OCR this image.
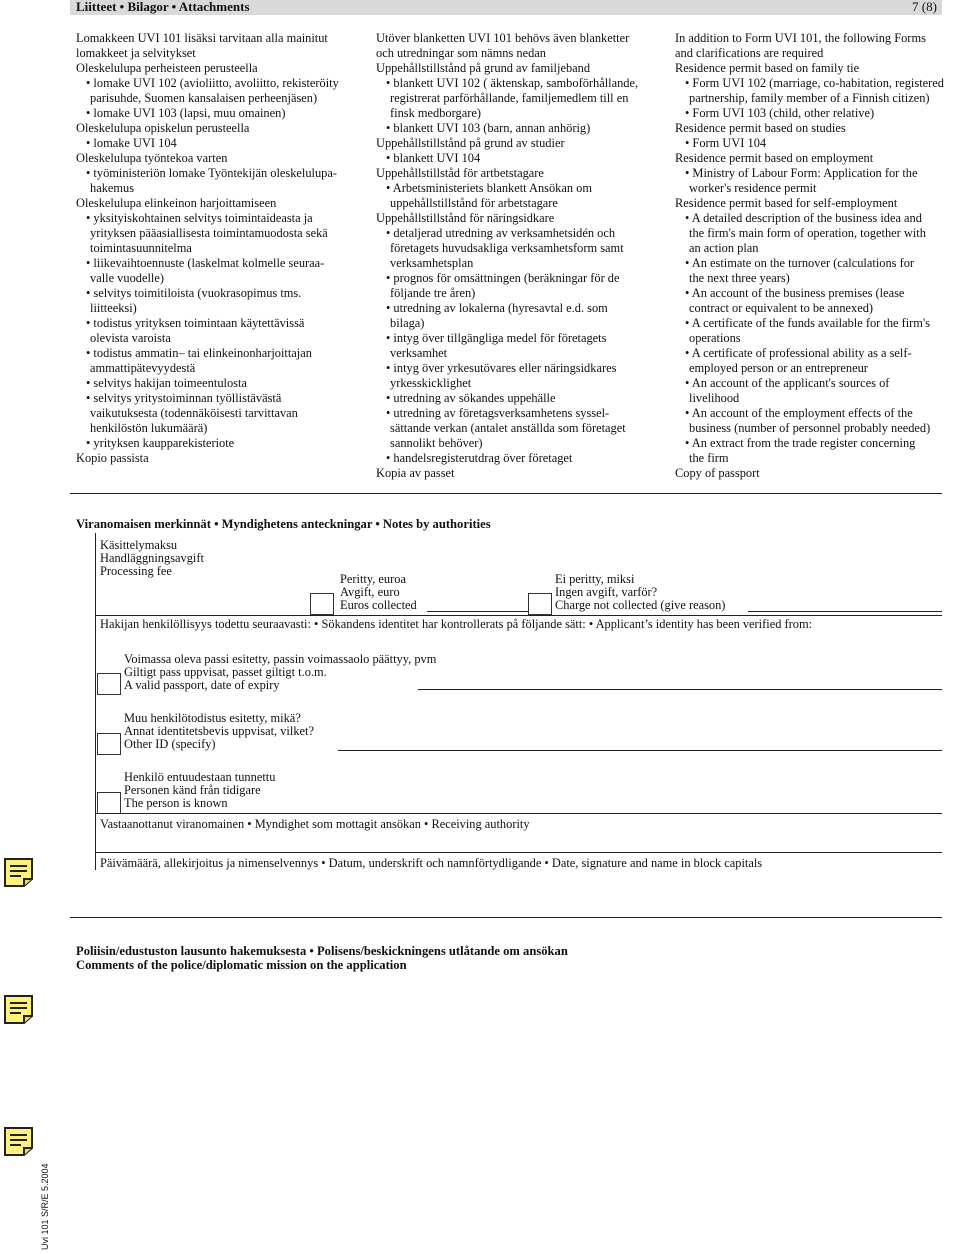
Liitteet • Bilagor • Attachments	7 (8)
Lomakkeen UVI 101 lisäksi tarvitaan alla mainitut
lomakkeet ja selvitykset
Oleskelulupa perheisteen perusteella
• lomake UVI 102 (avioliitto, avoliitto, rekisteröity
parisuhde, Suomen kansalaisen perheenjäsen)
• lomake UVI 103 (lapsi, muu omainen)
Oleskelulupa opiskelun perusteella
• lomake UVI 104
Oleskelulupa työntekoa varten
• työministeriön lomake Työntekijän oleskelulupa-
hakemus
Oleskelulupa elinkeinon harjoittamiseen
• yksityiskohtainen selvitys toimintaideasta ja
yrityksen pääasiallisesta toimintamuodosta sekä
toimintasuunnitelma
• liikevaihtoennuste (laskelmat kolmelle seuraa-
valle vuodelle)
• selvitys toimitiloista (vuokrasopimus tms.
liitteeksi)
• todistus yrityksen toimintaan käytettävissä
olevista varoista
• todistus ammatin– tai elinkeinonharjoittajan
ammattipätevyydestä
• selvitys hakijan toimeentulosta
• selvitys yritystoiminnan työllistävästä
vaikutuksesta (todennäköisesti tarvittavan
henkilöstön lukumäärä)
• yrityksen kaupparekisteriote
Kopio passista
Utöver blanketten UVI 101 behövs även blanketter
och utredningar som nämns nedan
Uppehållstillstånd på grund av familjeband
• blankett UVI 102 ( äktenskap, samboförhållande,
registrerat parförhållande, familjemedlem till en
finsk medborgare)
• blankett UVI 103 (barn, annan anhörig)
Uppehållstillstånd på grund av studier
• blankett UVI 104
Uppehållstillståd för artbetstagare
• Arbetsministeriets blankett Ansökan om
uppehållstillstånd för arbetstagare
Uppehållstillstånd för näringsidkare
• detaljerad utredning av verksamhetsidén och
företagets huvudsakliga verksamhetsform samt
verksamhetsplan
• prognos för omsättningen (beräkningar för de
följande tre åren)
• utredning av lokalerna (hyresavtal e.d. som
bilaga)
• intyg över tillgängliga medel för företagets
verksamhet
• intyg över yrkesutövares eller näringsidkares
yrkesskicklighet
• utredning av sökandes uppehälle
• utredning av företagsverksamhetens syssel-
sättande verkan (antalet anställda som företaget
sannolikt behöver)
• handelsregisterutdrag över företaget
Kopia av passet
In addition to Form UVI 101, the following Forms
and clarifications are required
Residence permit based on family tie
• Form UVI 102 (marriage, co-habitation, registered
partnership, family member of a Finnish citizen)
• Form UVI 103 (child, other relative)
Residence permit based on studies
• Form UVI 104
Residence permit based on employment
• Ministry of Labour Form: Application for the
worker's residence permit
Residence permit based for self-employment
• A detailed description of the business idea and
the firm's main form of operation, together with
an action plan
• An estimate on the turnover (calculations for
the next three years)
• An account of the business premises (lease
contract or equivalent to be annexed)
• A certificate of the funds available for the firm's
operations
• A certificate of professional ability as a self-
employed person or an entrepreneur
• An account of the applicant's sources of
livelihood
• An account of the employment effects of the
business (number of personnel probably needed)
• An extract from the trade register concerning
the firm
Copy of passport
Viranomaisen merkinnät • Myndighetens anteckningar • Notes by authorities
Käsittelymaksu
Handläggningsavgift
Processing fee
Peritty, euroa
Avgift, euro
Euros collected
Ei peritty, miksi
Ingen avgift, varför?
Charge not collected (give reason)
Hakijan henkilöllisyys todettu seuraavasti: • Sökandens identitet har kontrollerats på följande sätt: • Applicant’s identity has been verified from:
Voimassa oleva passi esitetty, passin voimassaolo päättyy, pvm
Giltigt pass uppvisat, passet giltigt t.o.m.
A valid passport, date of expiry
Muu henkilötodistus esitetty, mikä?
Annat identitetsbevis uppvisat, vilket?
Other ID (specify)
Henkilö entuudestaan tunnettu
Personen känd från tidigare
The person is known
Vastaanottanut viranomainen • Myndighet som mottagit ansökan • Receiving authority
Päivämäärä, allekirjoitus ja nimenselvennys • Datum, underskrift och namnförtydligande • Date, signature and name in block capitals
Poliisin/edustuston lausunto hakemuksesta • Polisens/beskickningens utlåtande om ansökan
Comments of the police/diplomatic mission on the application
Uvi 101 S/R/E 5.2004
